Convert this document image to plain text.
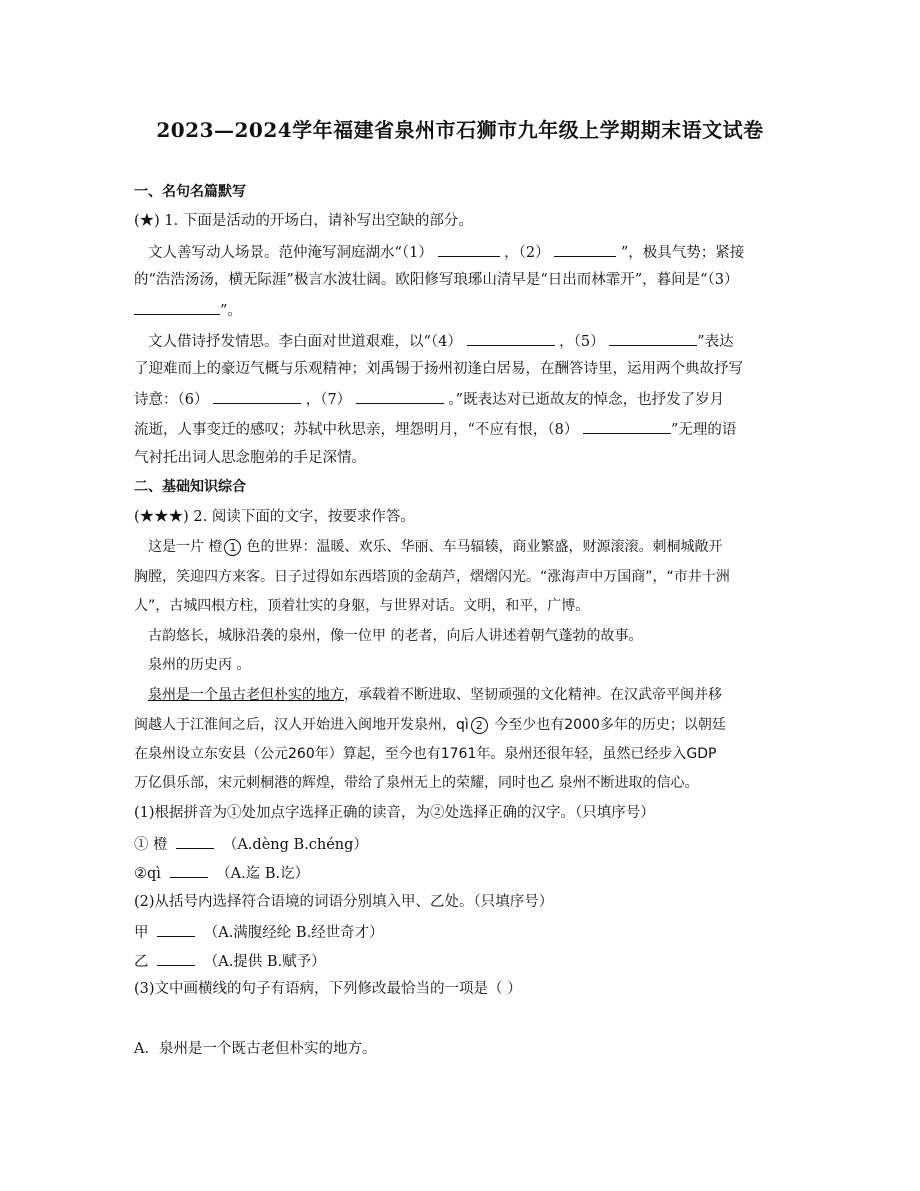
2023—2024学年福建省泉州市石狮市九年级上学期期末语文试卷
一、名句名篇默写
(★) 1. 下面是活动的开场白，请补写出空缺的部分。
文人善写动人场景。范仲淹写洞庭湖水“（1）	，（2）	”，极具气势；紧接
的“浩浩汤汤，横无际涯”极言水波壮阔。欧阳修写琅琊山清早是“日出而林霏开”，暮间是“（3）
”。
文人借诗抒发情思。李白面对世道艰难，以“（4）	，（5）	”表达
了迎难而上的豪迈气概与乐观精神；刘禹锡于扬州初逢白居易，在酬答诗里，运用两个典故抒写
诗意：（6）	，（7）	。”既表达对已逝故友的悼念，也抒发了岁月
流逝，人事变迁的感叹；苏轼中秋思亲，埋怨明月，“不应有恨，（8）	”无理的语
气衬托出词人思念胞弟的手足深情。
二、基础知识综合
(★★★) 2. 阅读下面的文字，按要求作答。
这是一片 橙 1 色的世界：温暖、欢乐、华丽、车马辐辏，商业繁盛，财源滚滚。刺桐城敞开
胸膛，笑迎四方来客。日子过得如东西塔顶的金葫芦，熠熠闪光。“涨海声中万国商”，“市井十洲
人”，古城四根方柱，顶着壮实的身躯，与世界对话。文明，和平，广博。
古韵悠长，城脉沿袭的泉州，像一位甲 的老者，向后人讲述着朝气蓬勃的故事。
泉州的历史丙 。
泉州是一个虽古老但朴实的地方，承载着不断进取、坚韧顽强的文化精神。在汉武帝平闽并移
闽越人于江淮间之后，汉人开始进入闽地开发泉州，qì 2 今至少也有2000多年的历史；以朝廷
在泉州设立东安县（公元260年）算起，至今也有1761年。泉州还很年轻，虽然已经步入GDP
万亿俱乐部，宋元刺桐港的辉煌，带给了泉州无上的荣耀，同时也乙 泉州不断进取的信心。
(1)根据拼音为①处加点字选择正确的读音，为②处选择正确的汉字。（只填序号）
① 橙	（A.dèng B.chéng）
②qì	（A.迄 B.讫）
(2)从括号内选择符合语境的词语分别填入甲、乙处。（只填序号）
甲	（A.满腹经纶 B.经世奇才）
乙	（A.提供 B.赋予）
(3)文中画横线的句子有语病，下列修改最恰当的一项是（ ）
A．泉州是一个既古老但朴实的地方。
